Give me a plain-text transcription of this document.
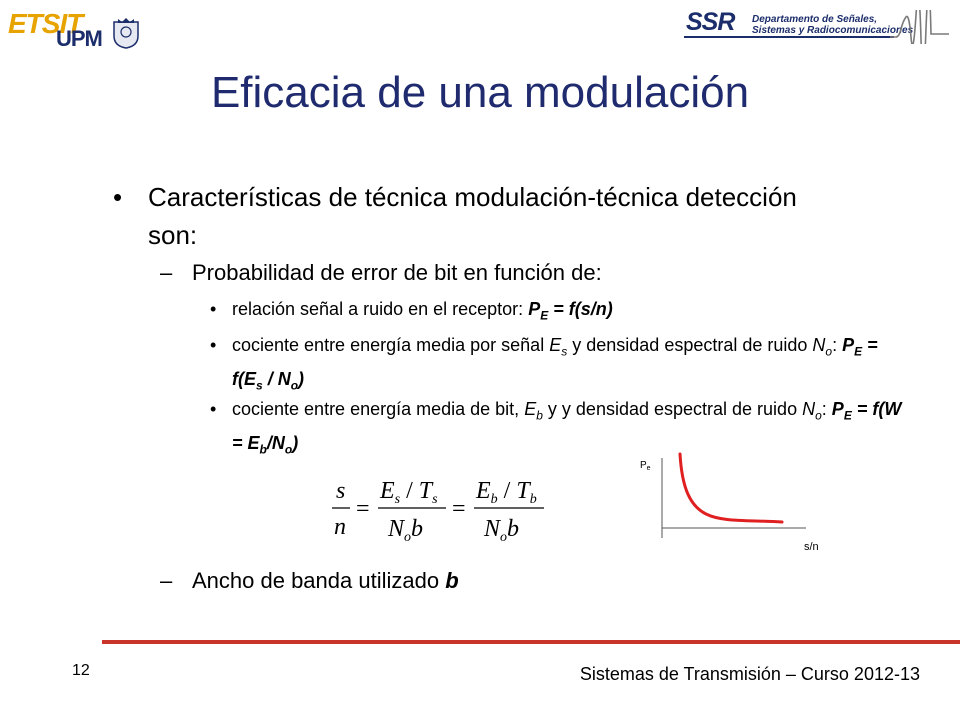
ETSIT
UPM
SSR Departamento de Señales,
Sistemas y Radiocomunicaciones
Eficacia de una modulación
• Características de técnica modulación-técnica detección son:
– Probabilidad de error de bit en función de:
• relación señal a ruido en el receptor: $P_E = f(s/n)$
• cociente entre energía media por señal $E_s$ y densidad espectral de ruido $N_o$: $P_E = f(E_s / N_o)$
• cociente entre energía media de bit, $E_b$ y y densidad espectral de ruido $N_o$: $P_E = f(W = E_b/N_o)$
s
n
=
$E_s / T_s$
$N_ob$
=
$E_b / T_b$
$N_ob$
$P_e$
s/n
– Ancho de banda utilizado b
12	Sistemas de Transmisión – Curso 2012-13
